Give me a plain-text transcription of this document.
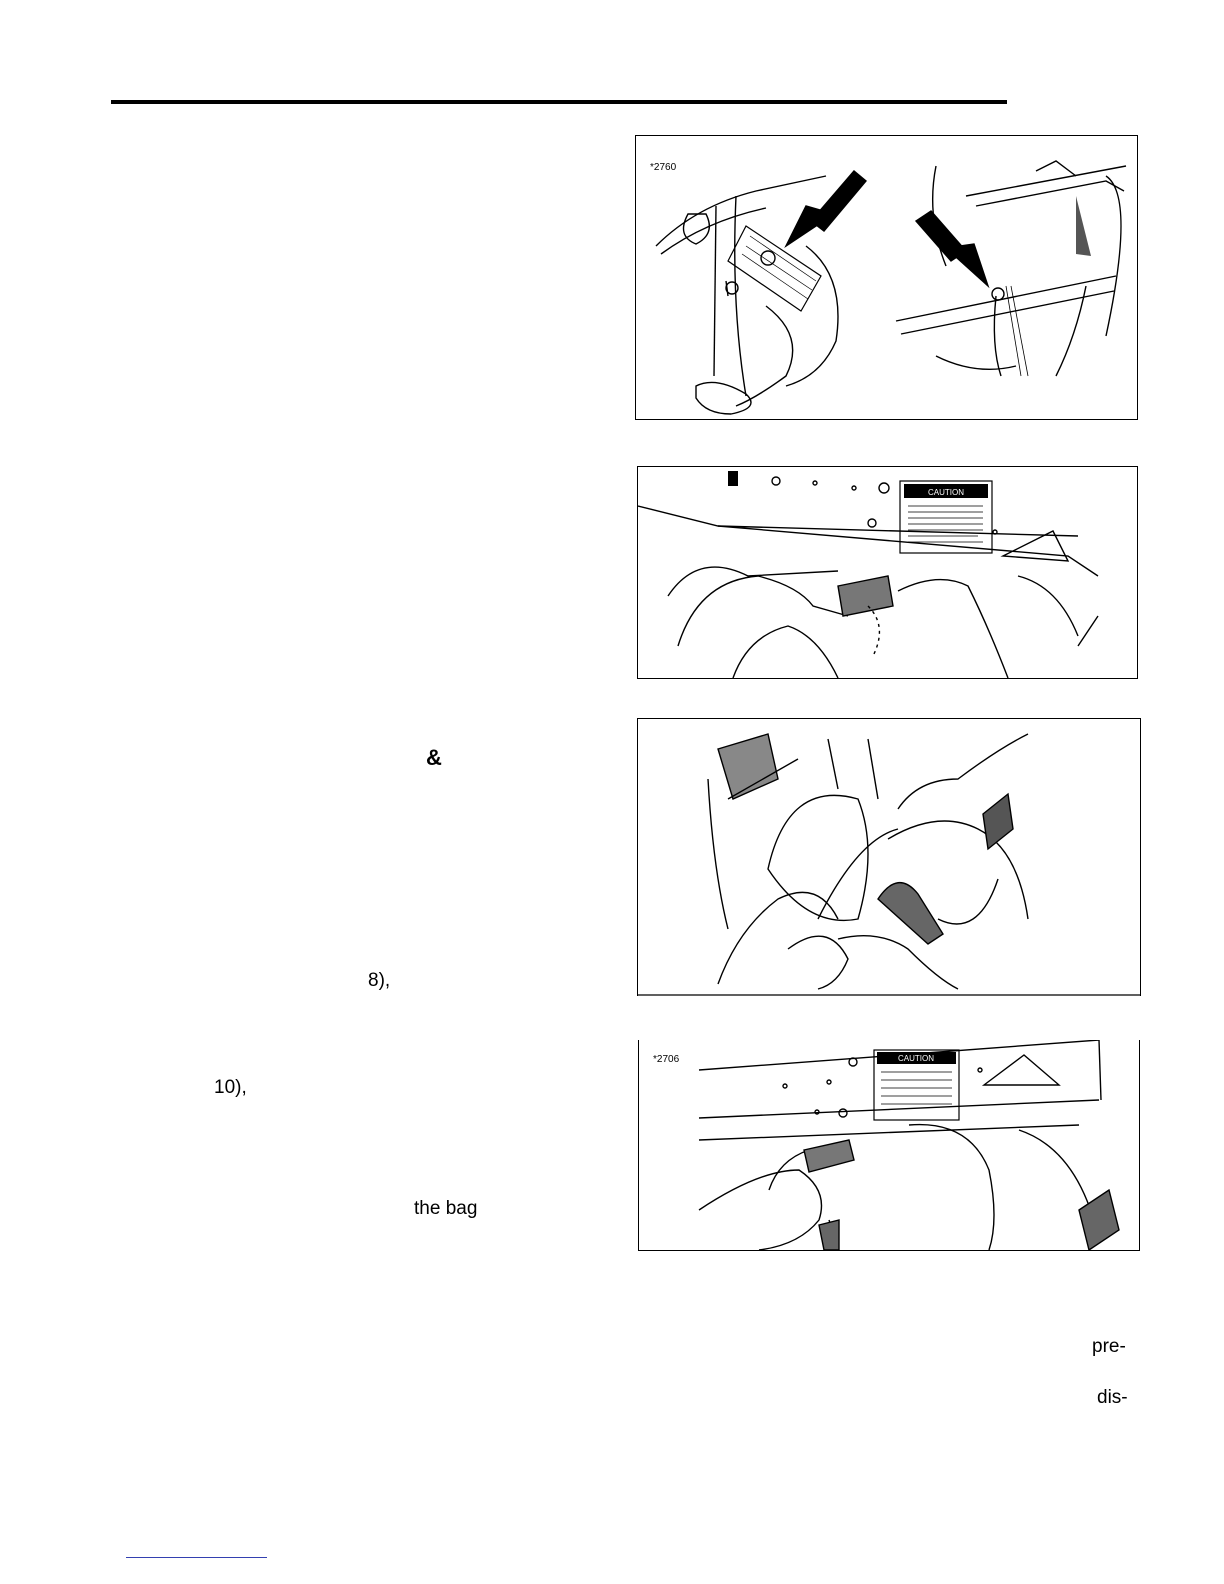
&
8),
10),
the bag
pre-
dis-
*2760
CAUTION
*2706	CAUTION
